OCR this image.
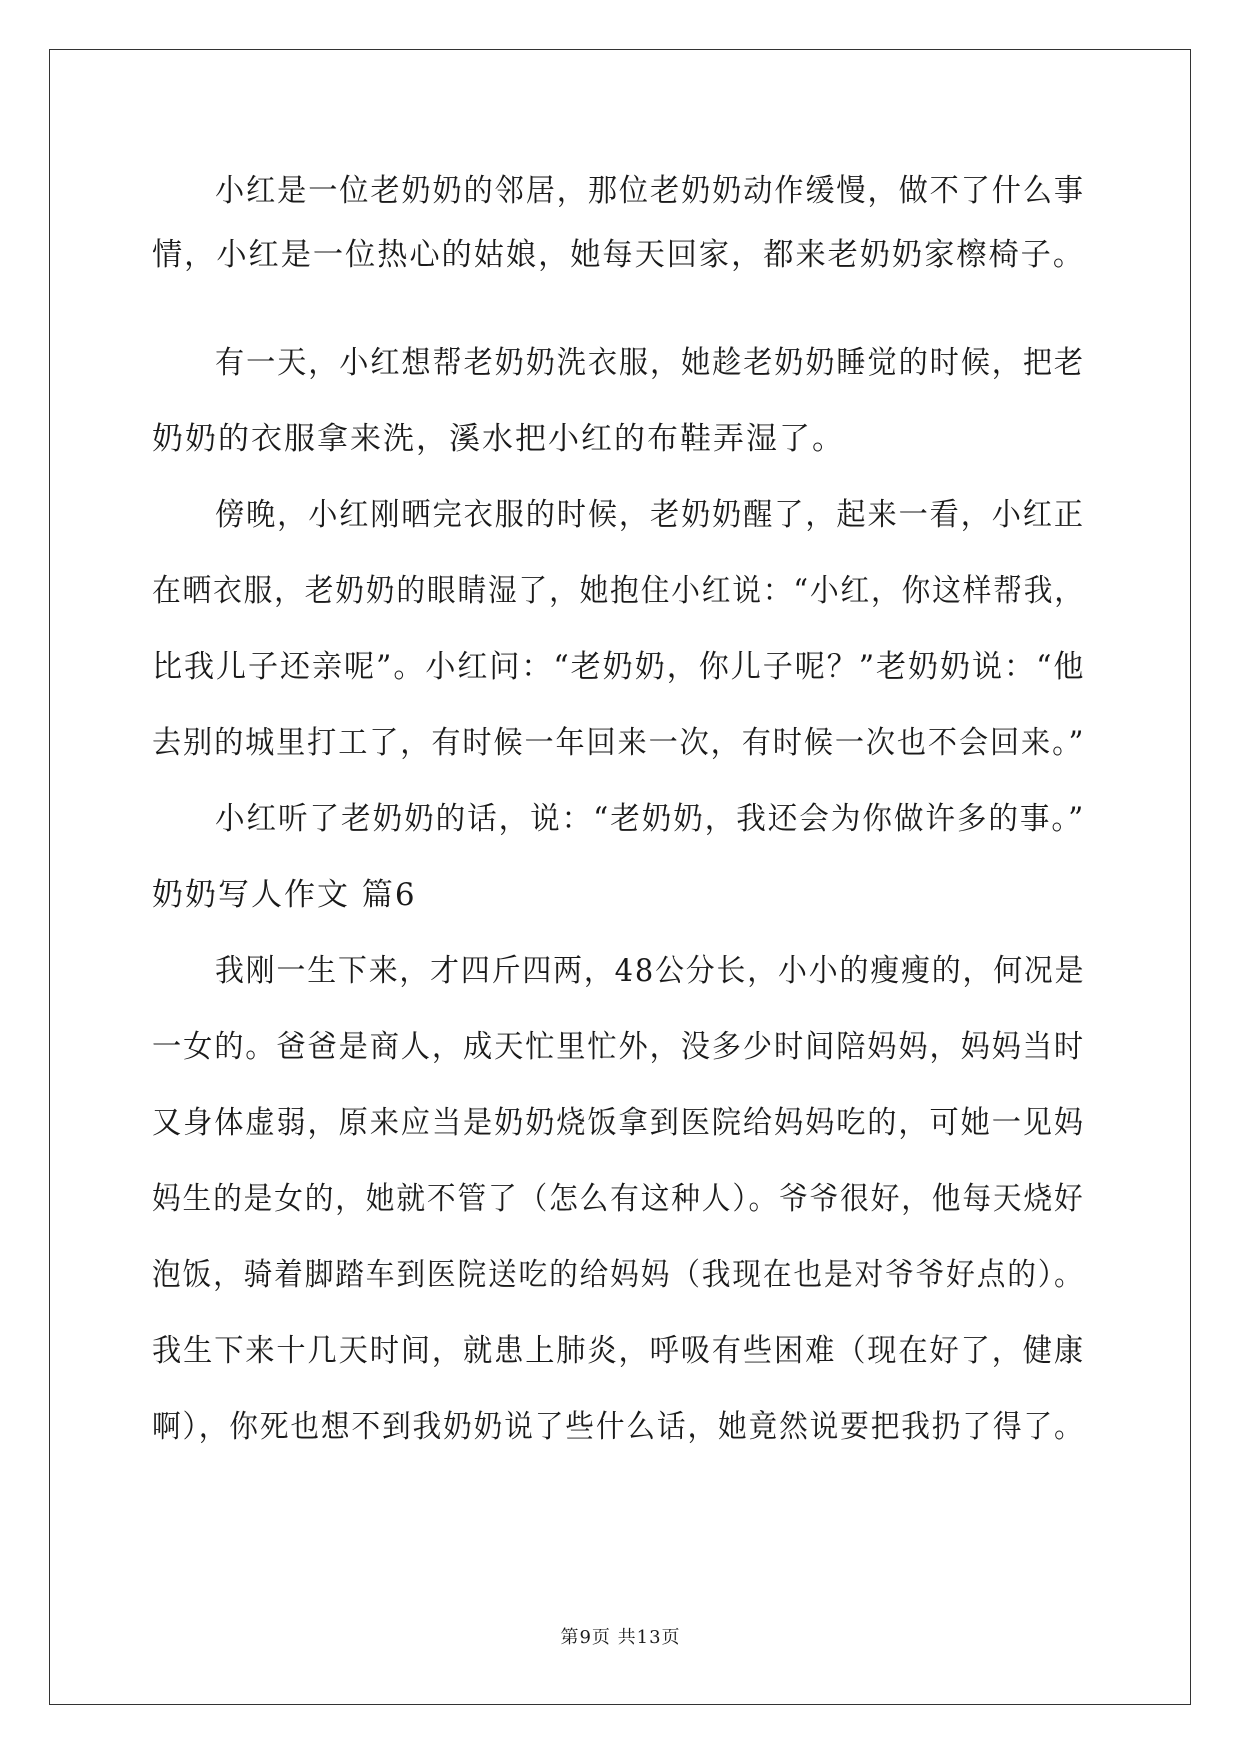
小红是一位老奶奶的邻居，那位老奶奶动作缓慢，做不了什么事
情，小红是一位热心的姑娘，她每天回家，都来老奶奶家檫椅子。
有一天，小红想帮老奶奶洗衣服，她趁老奶奶睡觉的时候，把老
奶奶的衣服拿来洗，溪水把小红的布鞋弄湿了。
傍晚，小红刚晒完衣服的时候，老奶奶醒了，起来一看，小红正
在晒衣服，老奶奶的眼睛湿了，她抱住小红说：“小红，你这样帮我，
比我儿子还亲呢”。小红问：“老奶奶，你儿子呢？”老奶奶说：“他
去别的城里打工了，有时候一年回来一次，有时候一次也不会回来。”
小红听了老奶奶的话，说：“老奶奶，我还会为你做许多的事。”
奶奶写人作文 篇6
我刚一生下来，才四斤四两，48公分长，小小的瘦瘦的，何况是
一女的。爸爸是商人，成天忙里忙外，没多少时间陪妈妈，妈妈当时
又身体虚弱，原来应当是奶奶烧饭拿到医院给妈妈吃的，可她一见妈
妈生的是女的，她就不管了（怎么有这种人）。爷爷很好，他每天烧好
泡饭，骑着脚踏车到医院送吃的给妈妈（我现在也是对爷爷好点的）。
我生下来十几天时间，就患上肺炎，呼吸有些困难（现在好了，健康
啊），你死也想不到我奶奶说了些什么话，她竟然说要把我扔了得了。
第9页 共13页
